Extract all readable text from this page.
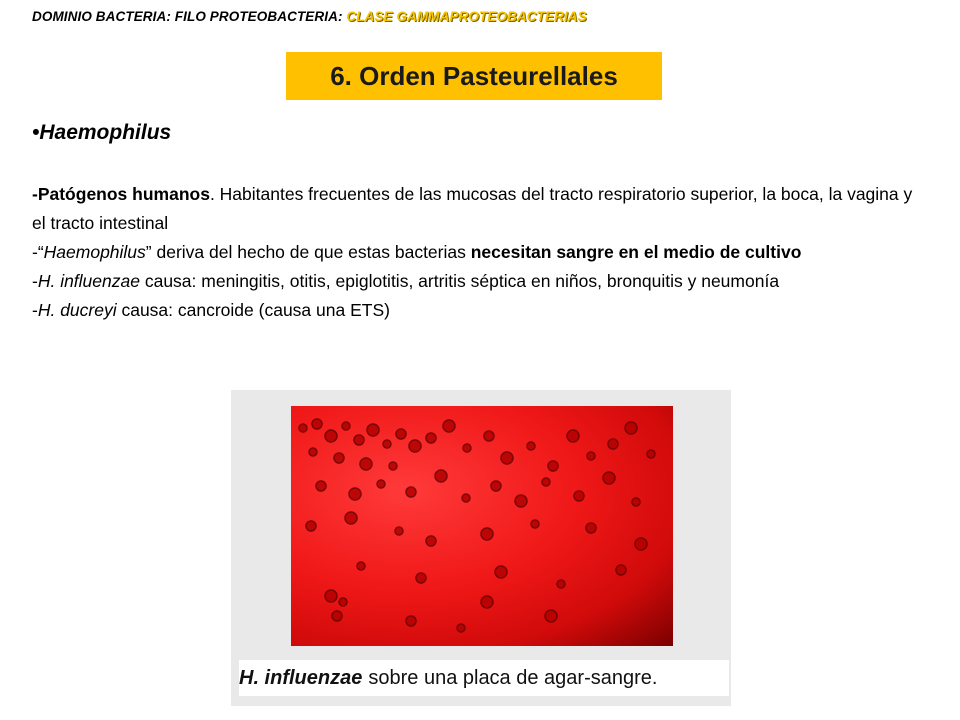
DOMINIO BACTERIA: FILO PROTEOBACTERIA: CLASE GAMMAPROTEOBACTERIAS
6. Orden Pasteurellales
•Haemophilus

-Patógenos humanos. Habitantes frecuentes de las mucosas del tracto respiratorio superior, la boca, la vagina y el tracto intestinal

-“Haemophilus” deriva del hecho de que estas bacterias necesitan sangre en el medio de cultivo

-H. influenzae causa: meningitis, otitis, epiglotitis, artritis séptica en niños, bronquitis y neumonía

-H. ducreyi causa: cancroide (causa una ETS)

H. influenzae sobre una placa de agar-sangre.
